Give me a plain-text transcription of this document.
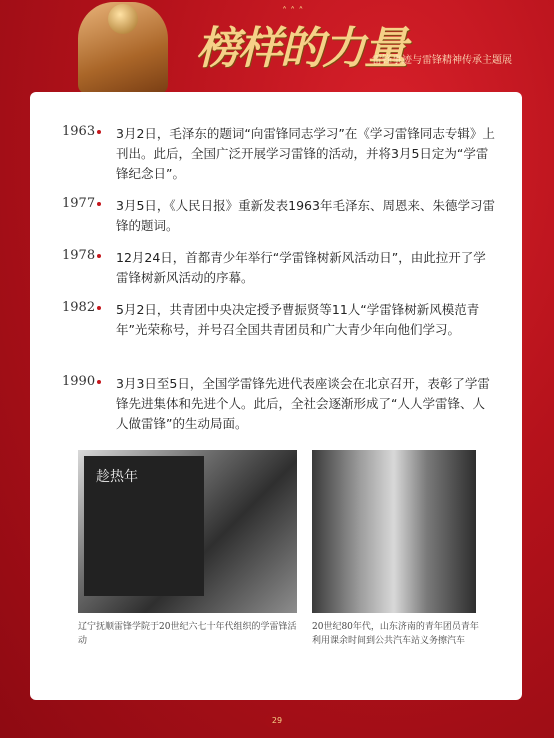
˄ ˄ ˄
榜样的力量
雷锋事迹与雷锋精神传承主题展
1963	3月2日，毛泽东的题词“向雷锋同志学习”在《学习雷锋同志专辑》上刊出。此后，全国广泛开展学习雷锋的活动，并将3月5日定为“学雷锋纪念日”。
1977	3月5日，《人民日报》重新发表1963年毛泽东、周恩来、朱德学习雷锋的题词。
1978	12月24日，首都青少年举行“学雷锋树新风活动日”，由此拉开了学雷锋树新风活动的序幕。
1982	5月2日，共青团中央决定授予曹振贤等11人“学雷锋树新风模范青年”光荣称号，并号召全国共青团员和广大青少年向他们学习。
1990	3月3日至5日，全国学雷锋先进代表座谈会在北京召开，表彰了学雷锋先进集体和先进个人。此后，全社会逐渐形成了“人人学雷锋、人人做雷锋”的生动局面。
趁热年
辽宁抚顺雷锋学院于20世纪六七十年代组织的学雷锋活动
20世纪80年代，山东济南的青年团员青年利用课余时间到公共汽车站义务擦汽车
29
